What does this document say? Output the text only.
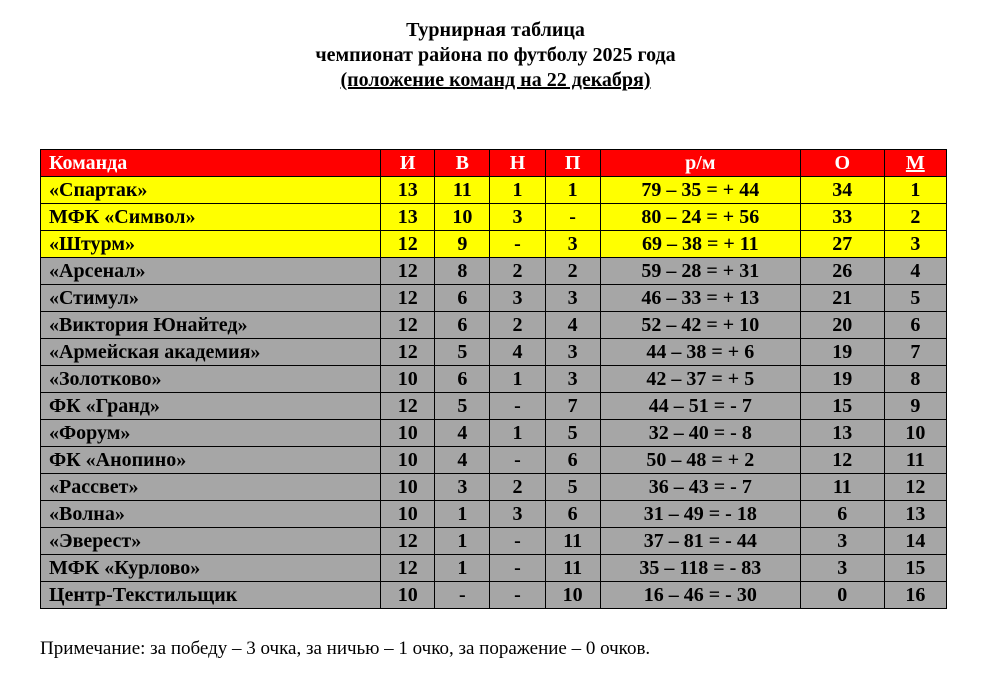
Турнирная таблица
чемпионат района по футболу 2025 года
(положение команд на 22 декабря)
Команда	И	В	Н	П	р/м	О	М
«Спартак»	13	11	1	1	79 – 35 = + 44	34	1
МФК «Символ»	13	10	3	-	80 – 24 = + 56	33	2
«Штурм»	12	9	-	3	69 – 38 = + 11	27	3
«Арсенал»	12	8	2	2	59 – 28 = + 31	26	4
«Стимул»	12	6	3	3	46 – 33 = + 13	21	5
«Виктория Юнайтед»	12	6	2	4	52 – 42 = + 10	20	6
«Армейская академия»	12	5	4	3	44 – 38 = + 6	19	7
«Золотково»	10	6	1	3	42 – 37 = + 5	19	8
ФК «Гранд»	12	5	-	7	44 – 51 = - 7	15	9
«Форум»	10	4	1	5	32 – 40 = - 8	13	10
ФК «Анопино»	10	4	-	6	50 – 48 = + 2	12	11
«Рассвет»	10	3	2	5	36 – 43 = - 7	11	12
«Волна»	10	1	3	6	31 – 49 = - 18	6	13
«Эверест»	12	1	-	11	37 – 81 = - 44	3	14
МФК «Курлово»	12	1	-	11	35 – 118 = - 83	3	15
Центр-Текстильщик	10	-	-	10	16 – 46 = - 30	0	16
Примечание: за победу – 3 очка, за ничью – 1 очко, за поражение – 0 очков.
